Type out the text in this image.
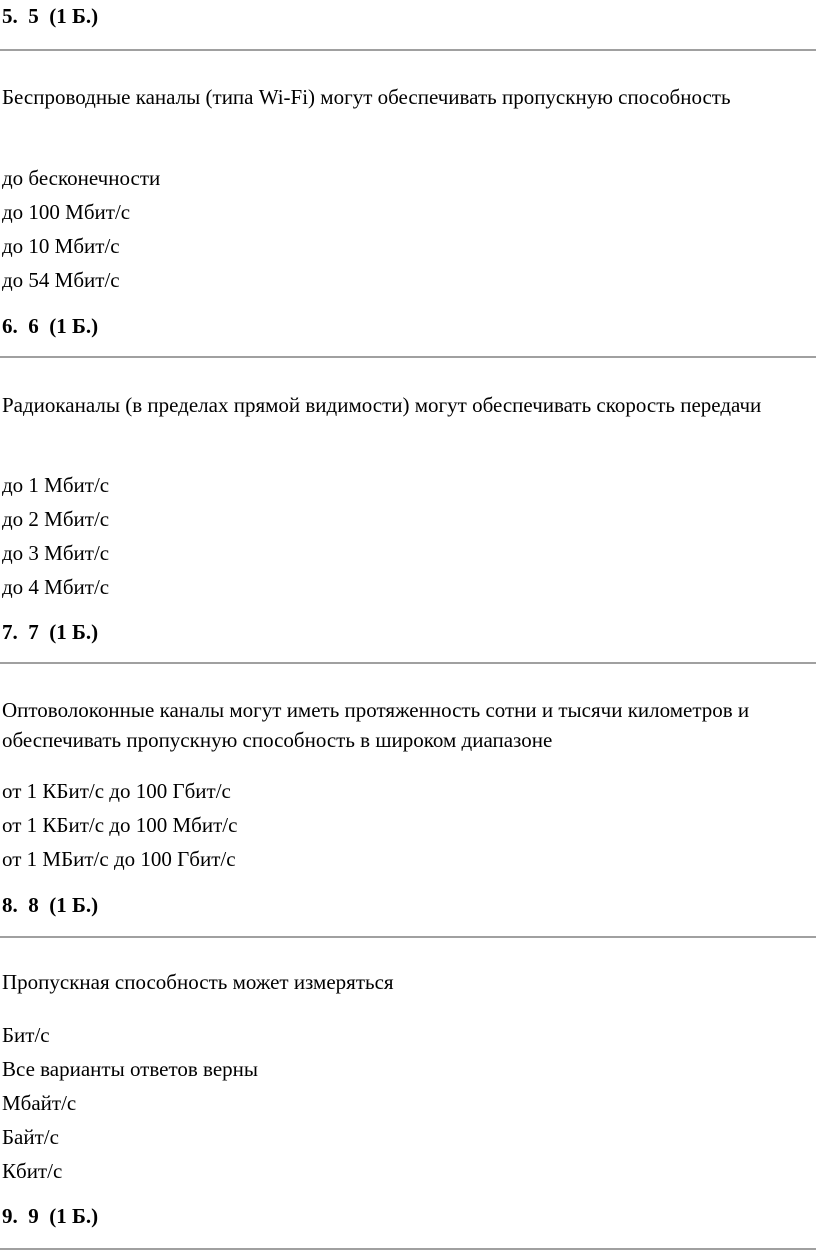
5.  5  (1 Б.)
Беспроводные каналы (типа Wi-Fi) могут обеспечивать пропускную способность
до бесконечности
до 100 Мбит/с
до 10 Мбит/с
до 54 Мбит/с
6.  6  (1 Б.)
Радиоканалы (в пределах прямой видимости) могут обеспечивать скорость передачи
до 1 Мбит/с
до 2 Мбит/с
до 3 Мбит/с
до 4 Мбит/с
7.  7  (1 Б.)
Оптоволоконные каналы могут иметь протяженность сотни и тысячи километров и обеспечивать пропускную способность в широком диапазоне
от 1 КБит/с до 100 Гбит/с
от 1 КБит/с до 100 Мбит/с
от 1 МБит/с до 100 Гбит/с
8.  8  (1 Б.)
Пропускная способность может измеряться
Бит/с
Все варианты ответов верны
Мбайт/с
Байт/с
Кбит/с
9.  9  (1 Б.)
